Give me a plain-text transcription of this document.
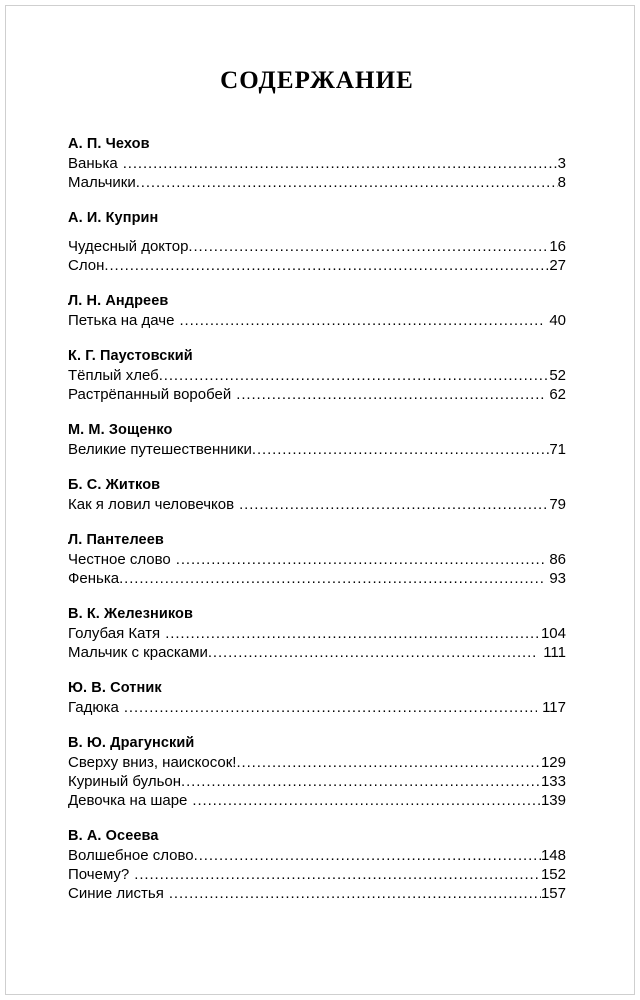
СОДЕРЖАНИЕ
А. П. Чехов
Ванька .....	3
Мальчики .....	8
А. И. Куприн
Чудесный доктор .....	16
Слон .....	27
Л. Н. Андреев
Петька на даче .....	40
К. Г. Паустовский
Тёплый хлеб .....	52
Растрёпанный воробей .....	62
М. М. Зощенко
Великие путешественники .....	71
Б. С. Житков
Как я ловил человечков .....	79
Л. Пантелеев
Честное слово .....	86
Фенька .....	93
В. К. Железников
Голубая Катя .....	104
Мальчик с красками .....	111
Ю. В. Сотник
Гадюка .....	117
В. Ю. Драгунский
Сверху вниз, наискосок! .....	129
Куриный бульон .....	133
Девочка на шаре .....	139
В. А. Осеева
Волшебное слово .....	148
Почему? .....	152
Синие листья .....	157
